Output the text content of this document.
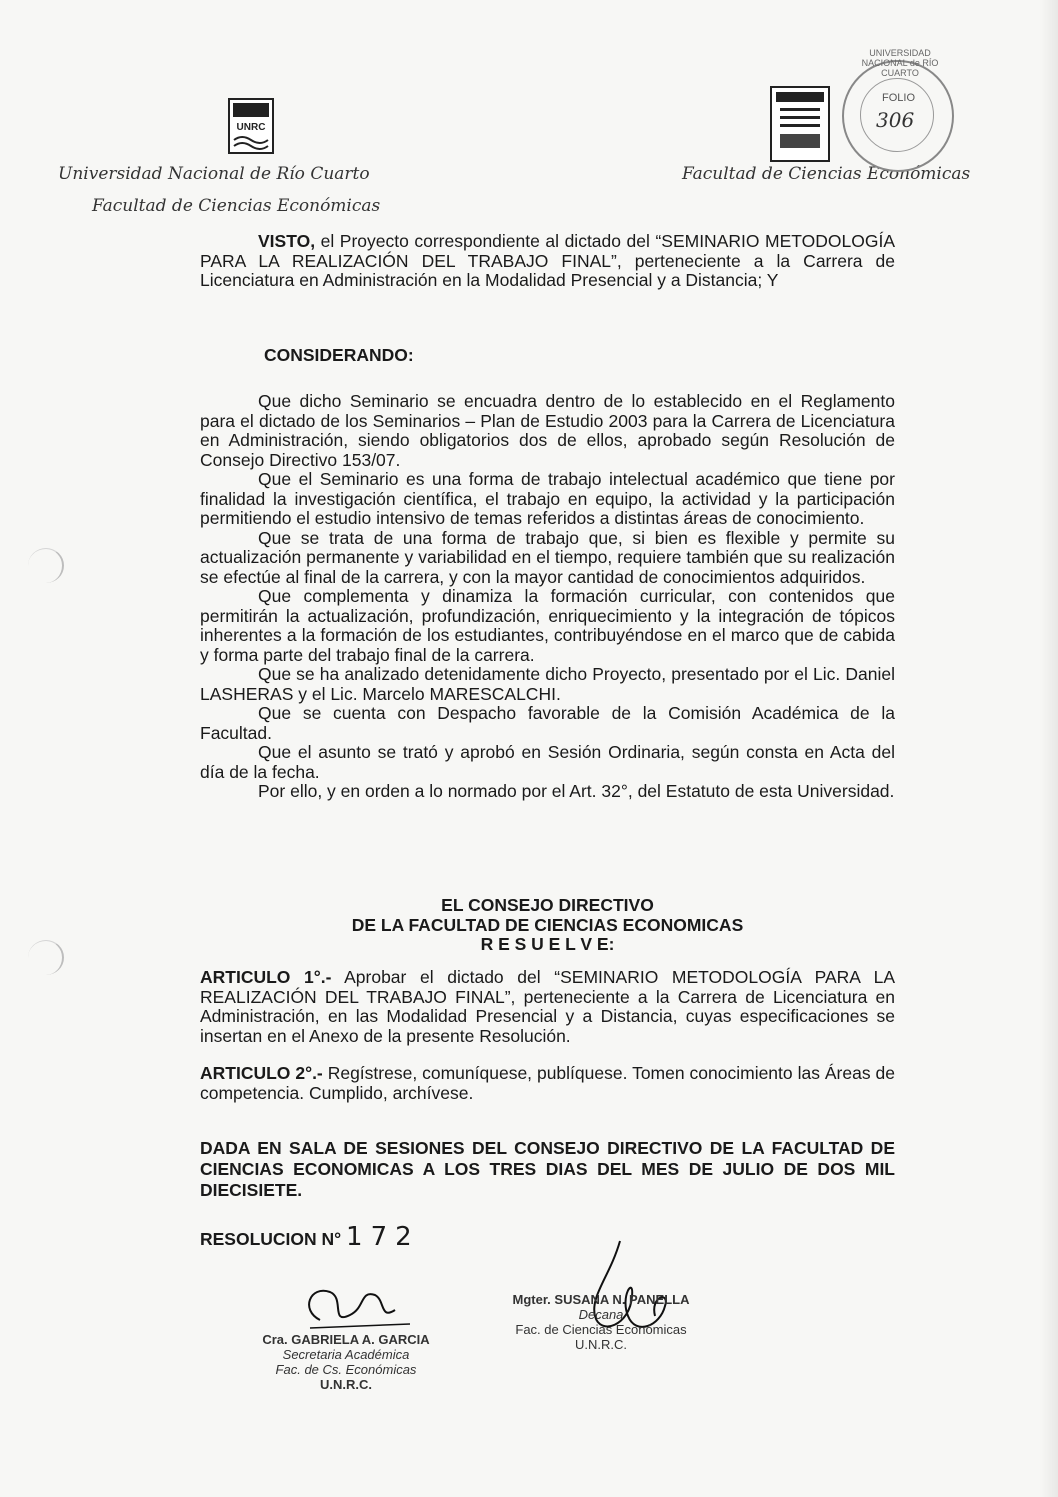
UNRC
Universidad Nacional de Río Cuarto
Facultad de Ciencias Económicas
Facultad de Ciencias Económicas
UNIVERSIDAD NACIONAL de RÍO CUARTO
FOLIO
306

VISTO, el Proyecto correspondiente al dictado del “SEMINARIO METODOLOGÍA PARA LA REALIZACIÓN DEL TRABAJO FINAL”, perteneciente a la Carrera de Licenciatura en Administración en la Modalidad Presencial y a Distancia; Y

CONSIDERANDO:

Que dicho Seminario se encuadra dentro de lo establecido en el Reglamento para el dictado de los Seminarios – Plan de Estudio 2003 para la Carrera de Licenciatura en Administración, siendo obligatorios dos de ellos, aprobado según Resolución de Consejo Directivo 153/07.

Que el Seminario es una forma de trabajo intelectual académico que tiene por finalidad la investigación científica, el trabajo en equipo, la actividad y la participación permitiendo el estudio intensivo de temas referidos a distintas áreas de conocimiento.

Que se trata de una forma de trabajo que, si bien es flexible y permite su actualización permanente y variabilidad en el tiempo, requiere también que su realización se efectúe al final de la carrera, y con la mayor cantidad de conocimientos adquiridos.

Que complementa y dinamiza la formación curricular, con contenidos que permitirán la actualización, profundización, enriquecimiento y la integración de tópicos inherentes a la formación de los estudiantes, contribuyéndose en el marco que de cabida y forma parte del trabajo final de la carrera.

Que se ha analizado detenidamente dicho Proyecto, presentado por el Lic. Daniel LASHERAS y el Lic. Marcelo MARESCALCHI.

Que se cuenta con Despacho favorable de la Comisión Académica de la Facultad.

Que el asunto se trató y aprobó en Sesión Ordinaria, según consta en Acta del día de la fecha.

Por ello, y en orden a lo normado por el Art. 32°, del Estatuto de esta Universidad.

EL CONSEJO DIRECTIVO
DE LA FACULTAD DE CIENCIAS ECONOMICAS
R E S U E L V E:

ARTICULO 1°.- Aprobar el dictado del “SEMINARIO METODOLOGÍA PARA LA REALIZACIÓN DEL TRABAJO FINAL”, perteneciente a la Carrera de Licenciatura en Administración, en las Modalidad Presencial y a Distancia, cuyas especificaciones se insertan en el Anexo de la presente Resolución.

ARTICULO 2°.- Regístrese, comuníquese, publíquese. Tomen conocimiento las Áreas de competencia. Cumplido, archívese.

DADA EN SALA DE SESIONES DEL CONSEJO DIRECTIVO DE LA FACULTAD DE CIENCIAS ECONOMICAS A LOS TRES DIAS DEL MES DE JULIO DE DOS MIL DIECISIETE.
RESOLUCION N° 172
Cra. GABRIELA A. GARCIA
Secretaria Académica
Fac. de Cs. Económicas
U.N.R.C.
Mgter. SUSANA N. PANELLA
Decana
Fac. de Ciencias Económicas
U.N.R.C.
